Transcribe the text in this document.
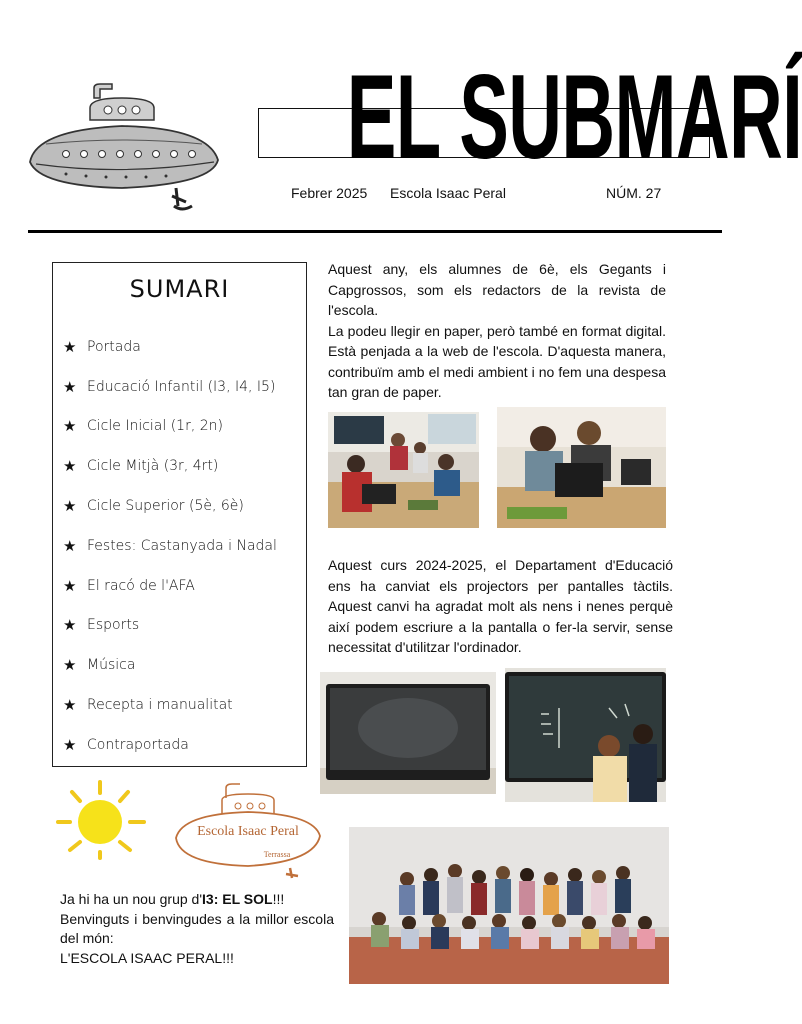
EL SUBMARÍ
Febrer 2025 Escola Isaac Peral	NÚM. 27
SUMARI
★ Portada
★ Educació Infantil (I3, I4, I5)
★ Cicle Inicial (1r, 2n)
★ Cicle Mitjà (3r, 4rt)
★ Cicle Superior (5è, 6è)
★ Festes: Castanyada i Nadal
★ El racó de l'AFA
★ Esports
★ Música
★ Recepta i manualitat
★ Contraportada
Aquest any, els alumnes de 6è, els Gegants i Capgrossos, som els redactors de la revista de l'escola.
La podeu llegir en paper, però també en format digital. Està penjada a la web de l'escola. D'aquesta manera, contribuïm amb el medi ambient i no fem una despesa tan gran de paper.
Aquest curs 2024-2025, el Departament d'Educació ens ha canviat els projectors per pantalles tàctils. Aquest canvi ha agradat molt als nens i nenes perquè així podem escriure a la pantalla o fer-la servir, sense necessitat d'utilitzar l'ordinador.
Escola Isaac Peral
Terrassa
Ja hi ha un nou grup d'I3: EL SOL!!!
Benvinguts i benvingudes a la millor escola del món:
L'ESCOLA ISAAC PERAL!!!
